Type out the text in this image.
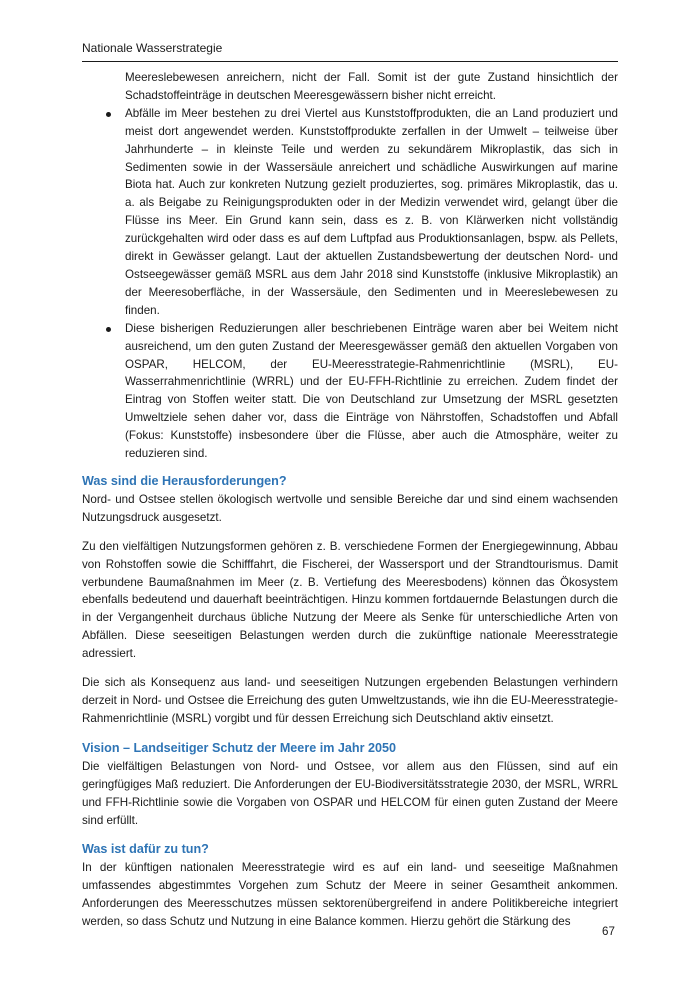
Nationale Wasserstrategie
Meereslebewesen anreichern, nicht der Fall. Somit ist der gute Zustand hinsichtlich der Schadstoffeinträge in deutschen Meeresgewässern bisher nicht erreicht.
Abfälle im Meer bestehen zu drei Viertel aus Kunststoffprodukten, die an Land produziert und meist dort angewendet werden. Kunststoffprodukte zerfallen in der Umwelt – teilweise über Jahrhunderte – in kleinste Teile und werden zu sekundärem Mikroplastik, das sich in Sedimenten sowie in der Wassersäule anreichert und schädliche Auswirkungen auf marine Biota hat. Auch zur konkreten Nutzung gezielt produziertes, sog. primäres Mikroplastik, das u. a. als Beigabe zu Reinigungsprodukten oder in der Medizin verwendet wird, gelangt über die Flüsse ins Meer. Ein Grund kann sein, dass es z. B. von Klärwerken nicht vollständig zurückgehalten wird oder dass es auf dem Luftpfad aus Produktionsanlagen, bspw. als Pellets, direkt in Gewässer gelangt. Laut der aktuellen Zustandsbewertung der deutschen Nord- und Ostseegewässer gemäß MSRL aus dem Jahr 2018 sind Kunststoffe (inklusive Mikroplastik) an der Meeresoberfläche, in der Wassersäule, den Sedimenten und in Meereslebewesen zu finden.
Diese bisherigen Reduzierungen aller beschriebenen Einträge waren aber bei Weitem nicht ausreichend, um den guten Zustand der Meeresgewässer gemäß den aktuellen Vorgaben von OSPAR, HELCOM, der EU-Meeresstrategie-Rahmenrichtlinie (MSRL), EU-Wasserrahmenrichtlinie (WRRL) und der EU-FFH-Richtlinie zu erreichen. Zudem findet der Eintrag von Stoffen weiter statt. Die von Deutschland zur Umsetzung der MSRL gesetzten Umweltziele sehen daher vor, dass die Einträge von Nährstoffen, Schadstoffen und Abfall (Fokus: Kunststoffe) insbesondere über die Flüsse, aber auch die Atmosphäre, weiter zu reduzieren sind.
Was sind die Herausforderungen?

Nord- und Ostsee stellen ökologisch wertvolle und sensible Bereiche dar und sind einem wachsenden Nutzungsdruck ausgesetzt.

Zu den vielfältigen Nutzungsformen gehören z. B. verschiedene Formen der Energiegewinnung, Abbau von Rohstoffen sowie die Schifffahrt, die Fischerei, der Wassersport und der Strandtourismus. Damit verbundene Baumaßnahmen im Meer (z. B. Vertiefung des Meeresbodens) können das Ökosystem ebenfalls bedeutend und dauerhaft beeinträchtigen. Hinzu kommen fortdauernde Belastungen durch die in der Vergangenheit durchaus übliche Nutzung der Meere als Senke für unterschiedliche Arten von Abfällen. Diese seeseitigen Belastungen werden durch die zukünftige nationale Meeresstrategie adressiert.

Die sich als Konsequenz aus land- und seeseitigen Nutzungen ergebenden Belastungen verhindern derzeit in Nord- und Ostsee die Erreichung des guten Umweltzustands, wie ihn die EU-Meeresstrategie-Rahmenrichtlinie (MSRL) vorgibt und für dessen Erreichung sich Deutschland aktiv einsetzt.

Vision – Landseitiger Schutz der Meere im Jahr 2050

Die vielfältigen Belastungen von Nord- und Ostsee, vor allem aus den Flüssen, sind auf ein geringfügiges Maß reduziert. Die Anforderungen der EU-Biodiversitätsstrategie 2030, der MSRL, WRRL und FFH-Richtlinie sowie die Vorgaben von OSPAR und HELCOM für einen guten Zustand der Meere sind erfüllt.

Was ist dafür zu tun?

In der künftigen nationalen Meeresstrategie wird es auf ein land- und seeseitige Maßnahmen umfassendes abgestimmtes Vorgehen zum Schutz der Meere in seiner Gesamtheit ankommen. Anforderungen des Meeresschutzes müssen sektorenübergreifend in andere Politikbereiche integriert werden, so dass Schutz und Nutzung in eine Balance kommen. Hierzu gehört die Stärkung des

67
